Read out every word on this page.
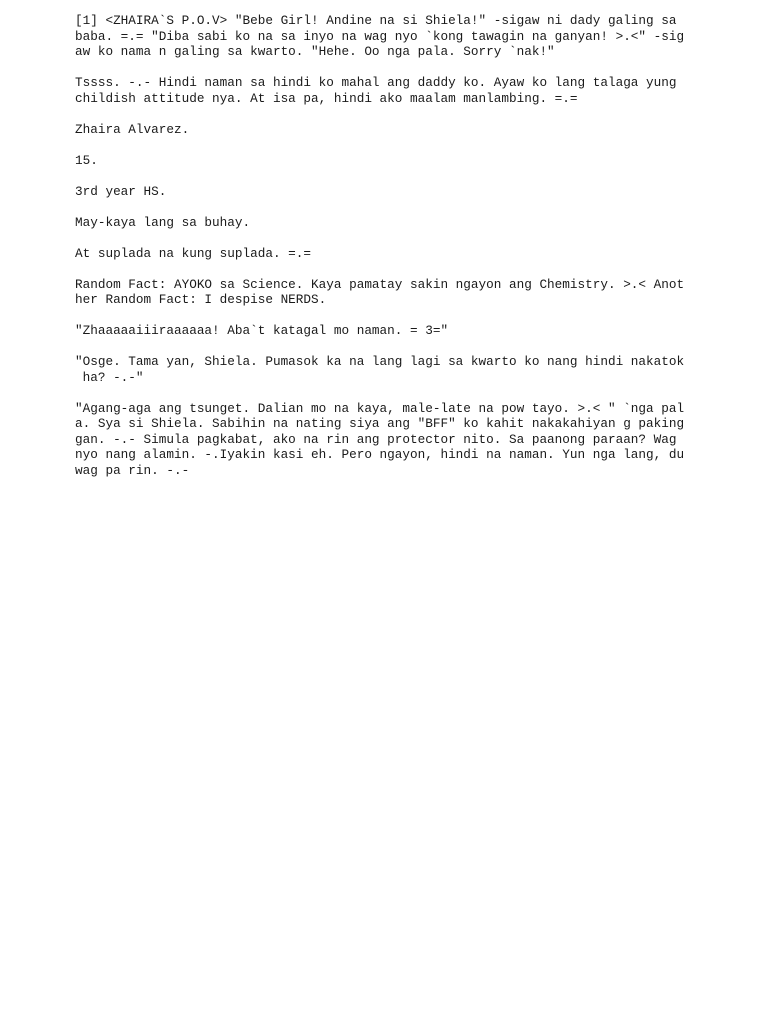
[1] <ZHAIRA`S P.O.V> "Bebe Girl! Andine na si Shiela!" -sigaw ni dady galing sa
baba. =.= "Diba sabi ko na sa inyo na wag nyo `kong tawagin na ganyan! >.<" -sig
aw ko nama n galing sa kwarto. "Hehe. Oo nga pala. Sorry `nak!"

Tssss. -.- Hindi naman sa hindi ko mahal ang daddy ko. Ayaw ko lang talaga yung
childish attitude nya. At isa pa, hindi ako maalam manlambing. =.=

Zhaira Alvarez.

15.

3rd year HS.

May-kaya lang sa buhay.

At suplada na kung suplada. =.=

Random Fact: AYOKO sa Science. Kaya pamatay sakin ngayon ang Chemistry. >.< Anot
her Random Fact: I despise NERDS.

"Zhaaaaaiiiraaaaaa! Aba`t katagal mo naman. = 3="

"Osge. Tama yan, Shiela. Pumasok ka na lang lagi sa kwarto ko nang hindi nakatok
ha? -.-"

"Agang-aga ang tsunget. Dalian mo na kaya, male-late na pow tayo. >.< " `nga pal
a. Sya si Shiela. Sabihin na nating siya ang "BFF" ko kahit nakakahiyan g paking
gan. -.- Simula pagkabat, ako na rin ang protector nito. Sa paanong paraan? Wag
nyo nang alamin. -.Iyakin kasi eh. Pero ngayon, hindi na naman. Yun nga lang, du
wag pa rin. -.-
